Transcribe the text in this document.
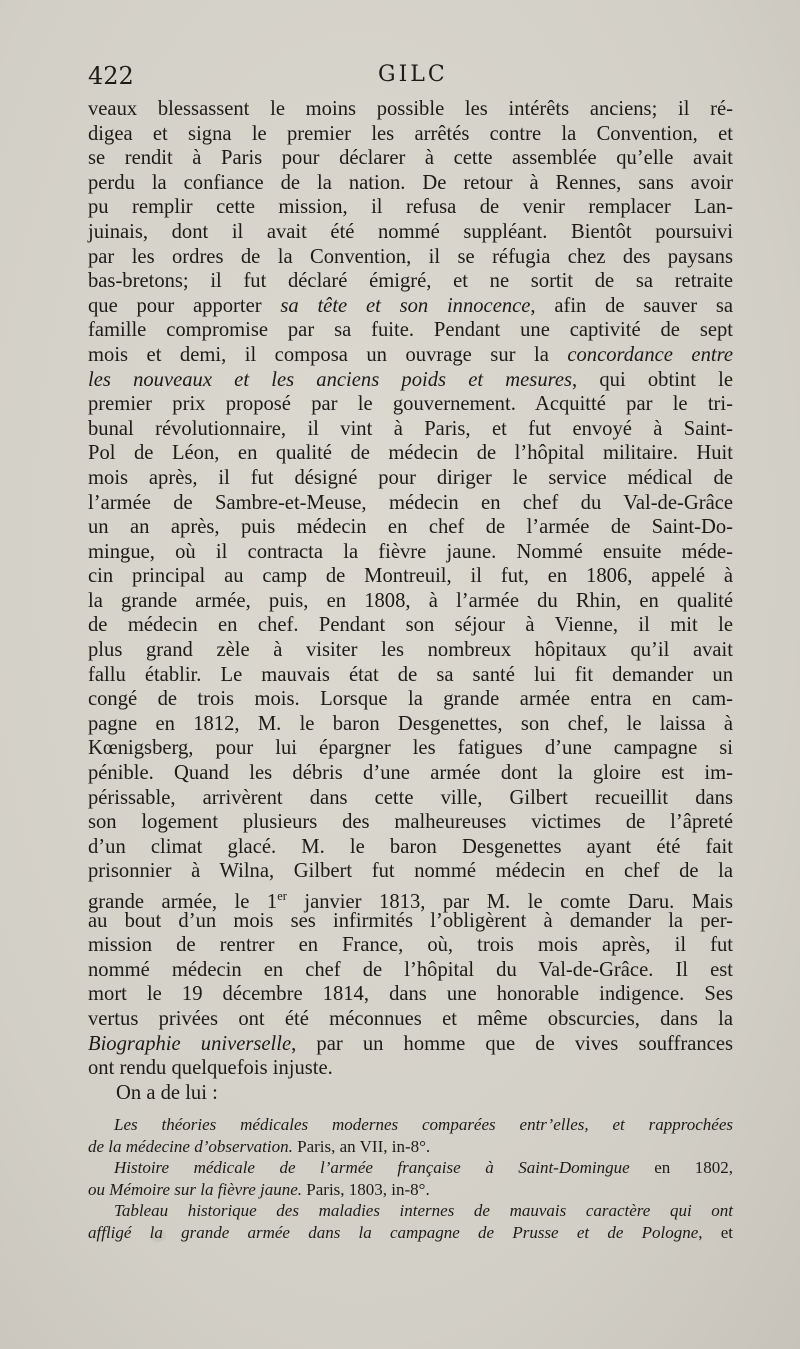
422	GILC
veaux blessassent le moins possible les intérêts anciens; il ré-
digea et signa le premier les arrêtés contre la Convention, et
se rendit à Paris pour déclarer à cette assemblée qu’elle avait
perdu la confiance de la nation. De retour à Rennes, sans avoir
pu remplir cette mission, il refusa de venir remplacer Lan-
juinais, dont il avait été nommé suppléant. Bientôt poursuivi
par les ordres de la Convention, il se réfugia chez des paysans
bas-bretons; il fut déclaré émigré, et ne sortit de sa retraite
que pour apporter sa tête et son innocence, afin de sauver sa
famille compromise par sa fuite. Pendant une captivité de sept
mois et demi, il composa un ouvrage sur la concordance entre
les nouveaux et les anciens poids et mesures, qui obtint le
premier prix proposé par le gouvernement. Acquitté par le tri-
bunal révolutionnaire, il vint à Paris, et fut envoyé à Saint-
Pol de Léon, en qualité de médecin de l’hôpital militaire. Huit
mois après, il fut désigné pour diriger le service médical de
l’armée de Sambre-et-Meuse, médecin en chef du Val-de-Grâce
un an après, puis médecin en chef de l’armée de Saint-Do-
mingue, où il contracta la fièvre jaune. Nommé ensuite méde-
cin principal au camp de Montreuil, il fut, en 1806, appelé à
la grande armée, puis, en 1808, à l’armée du Rhin, en qualité
de médecin en chef. Pendant son séjour à Vienne, il mit le
plus grand zèle à visiter les nombreux hôpitaux qu’il avait
fallu établir. Le mauvais état de sa santé lui fit demander un
congé de trois mois. Lorsque la grande armée entra en cam-
pagne en 1812, M. le baron Desgenettes, son chef, le laissa à
Kœnigsberg, pour lui épargner les fatigues d’une campagne si
pénible. Quand les débris d’une armée dont la gloire est im-
périssable, arrivèrent dans cette ville, Gilbert recueillit dans
son logement plusieurs des malheureuses victimes de l’âpreté
d’un climat glacé. M. le baron Desgenettes ayant été fait
prisonnier à Wilna, Gilbert fut nommé médecin en chef de la
grande armée, le 1er janvier 1813, par M. le comte Daru. Mais
au bout d’un mois ses infirmités l’obligèrent à demander la per-
mission de rentrer en France, où, trois mois après, il fut
nommé médecin en chef de l’hôpital du Val-de-Grâce. Il est
mort le 19 décembre 1814, dans une honorable indigence. Ses
vertus privées ont été méconnues et même obscurcies, dans la
Biographie universelle, par un homme que de vives souffrances
ont rendu quelquefois injuste.
On a de lui :
Les théories médicales modernes comparées entr’elles, et rapprochées
de la médecine d’observation. Paris, an VII, in-8°.
Histoire médicale de l’armée française à Saint-Domingue en 1802,
ou Mémoire sur la fièvre jaune. Paris, 1803, in-8°.
Tableau historique des maladies internes de mauvais caractère qui ont
affligé la grande armée dans la campagne de Prusse et de Pologne, et
